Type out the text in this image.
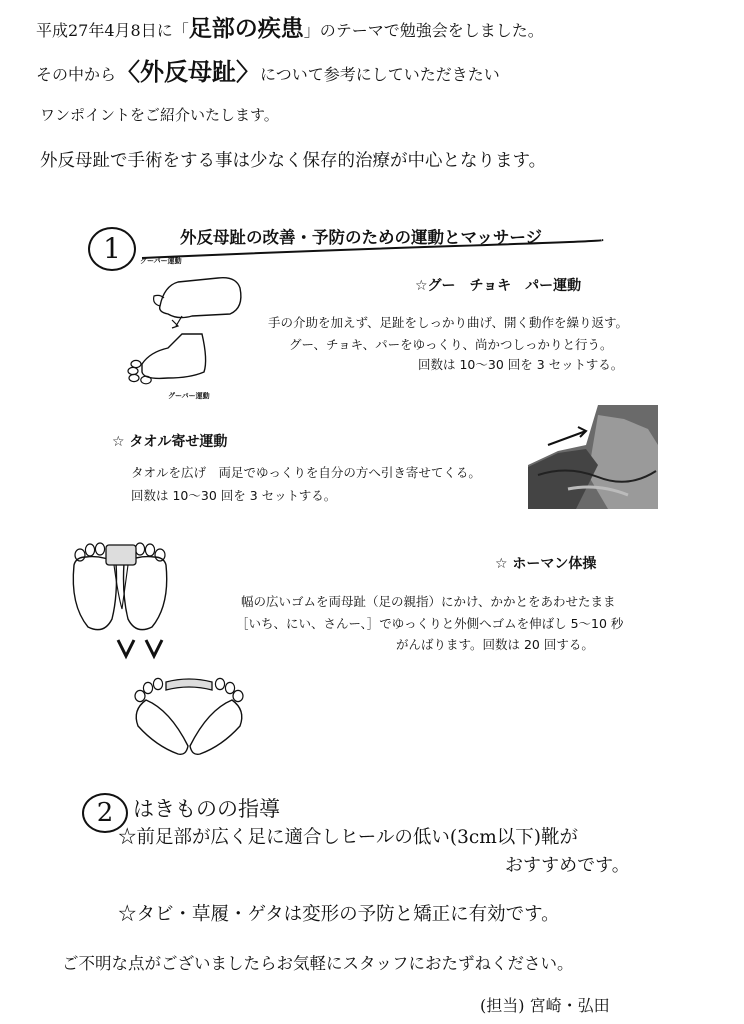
平成27年4月8日に「足部の疾患」のテーマで勉強会をしました。
その中から〈外反母趾〉について参考にしていただきたい
ワンポイントをご紹介いたします。
外反母趾で手術をする事は少なく保存的治療が中心となります。
1	外反母趾の改善・予防のための運動とマッサージ
グーパー運動
グーパー運動
☆グー　チョキ　パー運動
手の介助を加えず、足趾をしっかり曲げ、開く動作を繰り返す。
グー、チョキ、パーをゆっくり、尚かつしっかりと行う。
回数は 10～30 回を 3 セットする。
☆ タオル寄せ運動
タオルを広げ　両足でゆっくりを自分の方へ引き寄せてくる。
回数は 10～30 回を 3 セットする。
☆ ホーマン体操
幅の広いゴムを両母趾（足の親指）にかけ、かかとをあわせたまま
［いち、にい、さんー、］でゆっくりと外側へゴムを伸ばし 5～10 秒
がんばります。回数は 20 回する。
2 はきものの指導
☆前足部が広く足に適合しヒールの低い(3cm以下)靴が
おすすめです。
☆タビ・草履・ゲタは変形の予防と矯正に有効です。
ご不明な点がございましたらお気軽にスタッフにおたずねください。
(担当) 宮崎・弘田
